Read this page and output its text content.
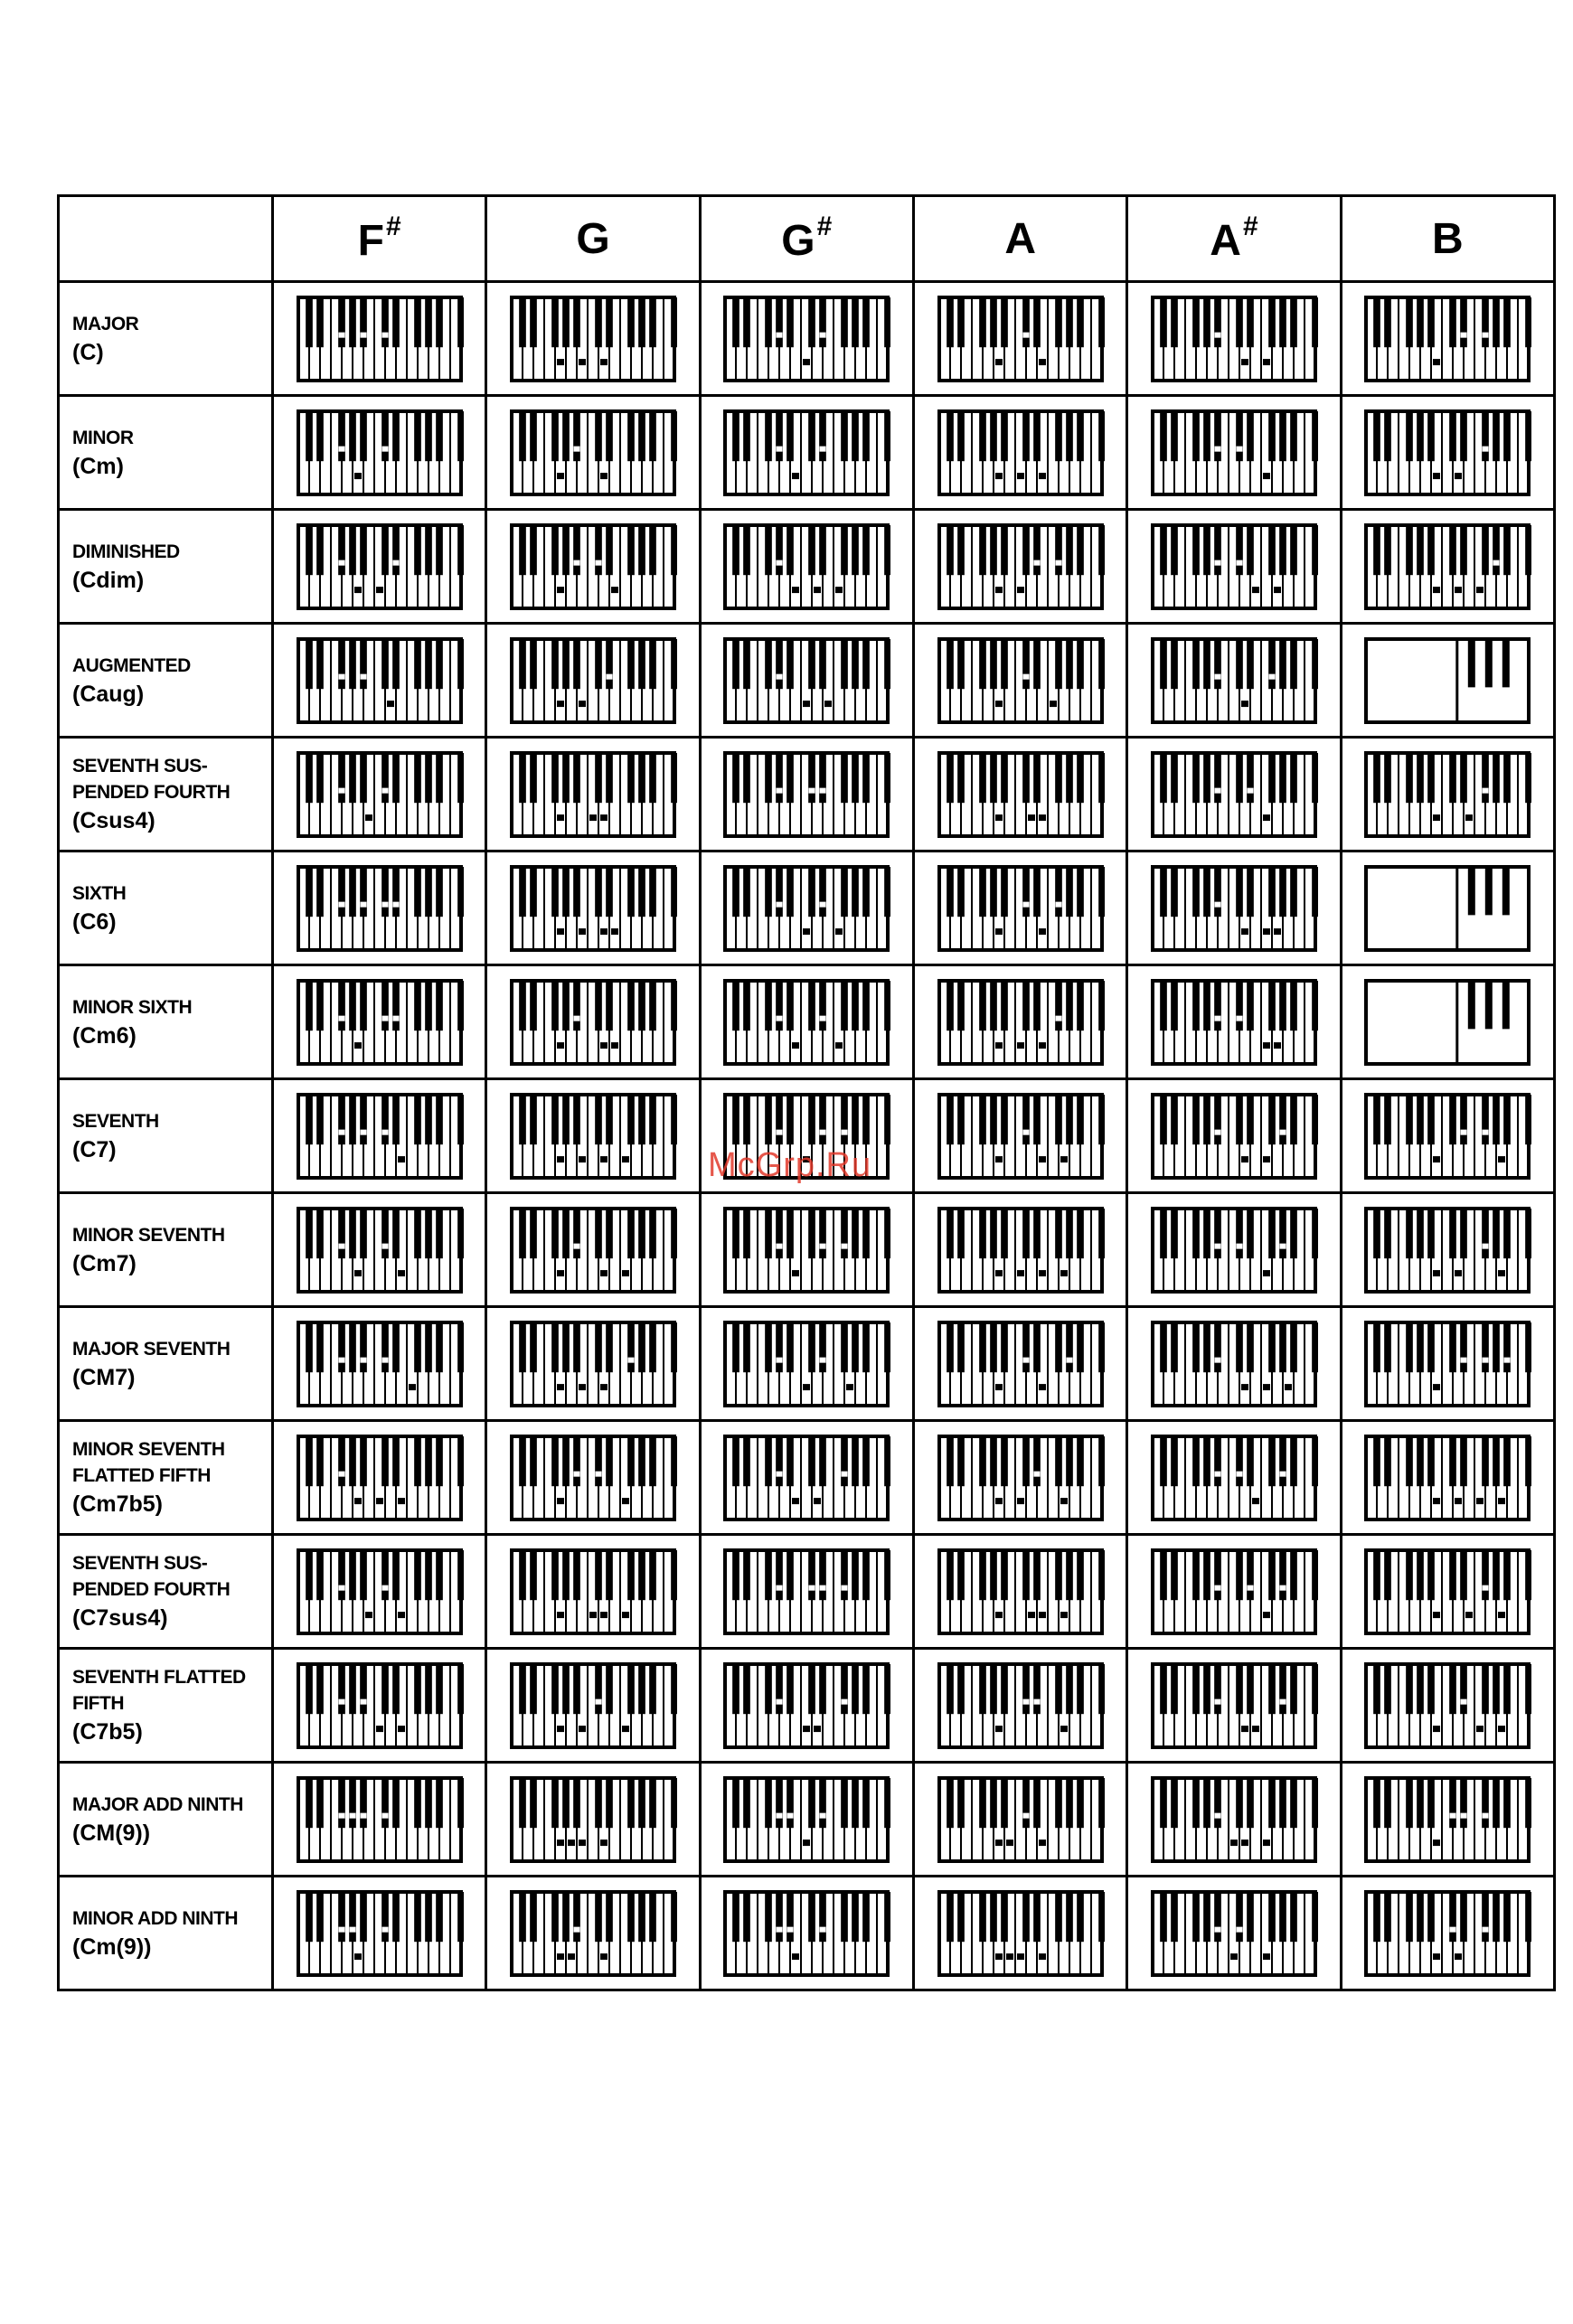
	F#	G	G#	A	A#	B

MAJOR
(C)

MINOR
(Cm)

DIMINISHED
(Cdim)

AUGMENTED
(Caug)

SEVENTH SUS-
PENDED FOURTH
(Csus4)

SIXTH
(C6)

MINOR SIXTH
(Cm6)

SEVENTH
(C7)

MINOR SEVENTH
(Cm7)

MAJOR SEVENTH
(CM7)

MINOR SEVENTH
FLATTED FIFTH
(Cm7b5)

SEVENTH SUS-
PENDED FOURTH
(C7sus4)

SEVENTH FLATTED
FIFTH
(C7b5)

MAJOR ADD NINTH
(CM(9))

MINOR ADD NINTH
(Cm(9))

McGrp.Ru
